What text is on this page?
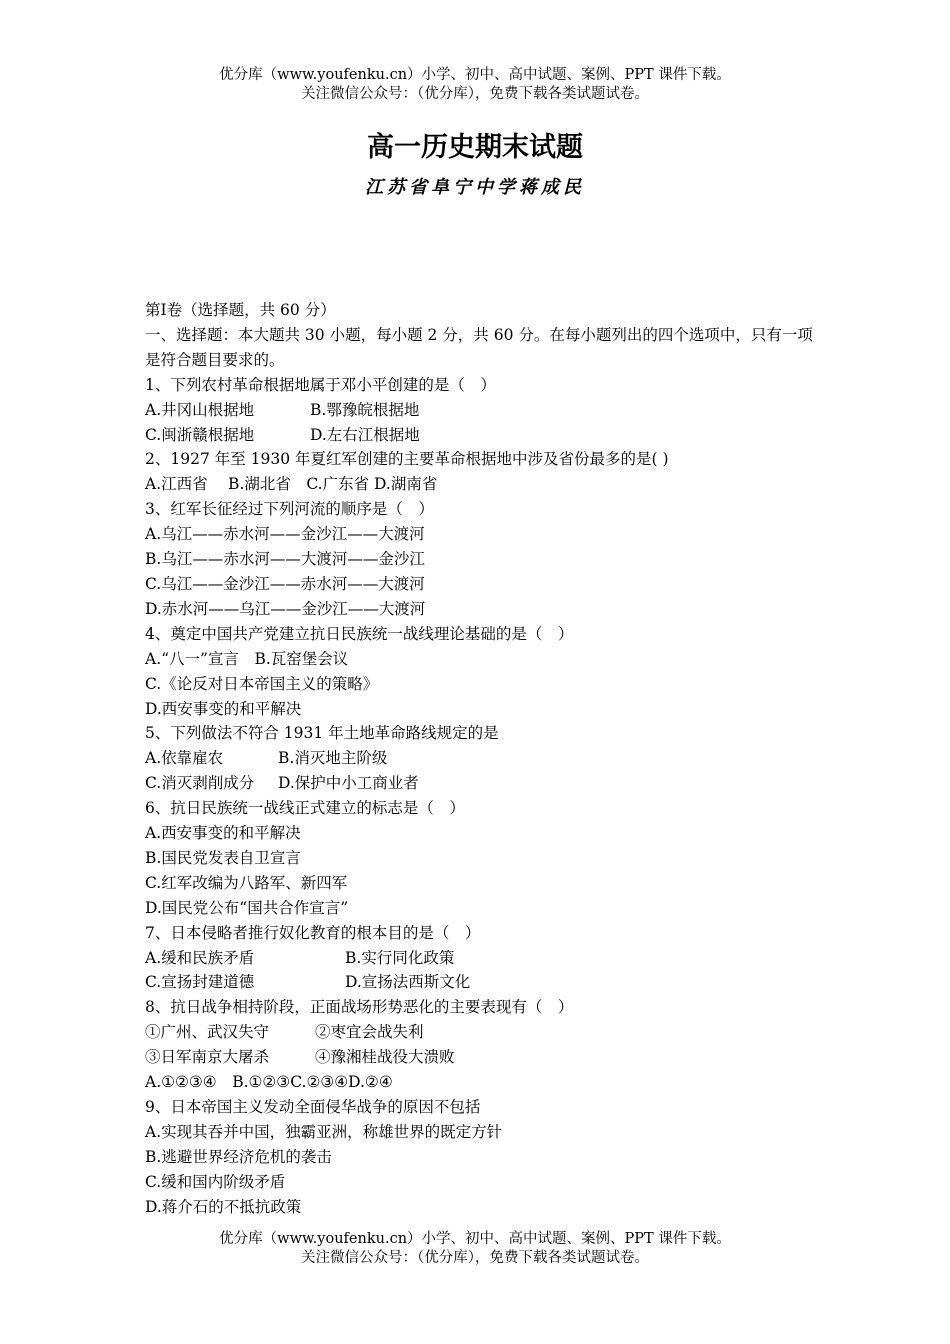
优分库（www.youfenku.cn）小学、初中、高中试题、案例、PPT 课件下载。
关注微信公众号：（优分库），免费下载各类试题试卷。
高一历史期末试题
江苏省阜宁中学蒋成民

第Ⅰ卷（选择题，共 60 分）

一、选择题：本大题共 30 小题，每小题 2 分，共 60 分。在每小题列出的四个选项中，只有一项是符合题目要求的。

1、下列农村革命根据地属于邓小平创建的是（　）

A.井冈山根据地	B.鄂豫皖根据地

C.闽浙赣根据地	D.左右江根据地

2、1927 年至 1930 年夏红军创建的主要革命根据地中涉及省份最多的是( )

A.江西省　 B.湖北省　C.广东省 D.湖南省

3、红军长征经过下列河流的顺序是（　）

A.乌江——赤水河——金沙江——大渡河

B.乌江——赤水河——大渡河——金沙江

C.乌江——金沙江——赤水河——大渡河

D.赤水河——乌江——金沙江——大渡河

4、奠定中国共产党建立抗日民族统一战线理论基础的是（　）

A.“八一”宣言　B.瓦窑堡会议

C.《论反对日本帝国主义的策略》

D.西安事变的和平解决

5、下列做法不符合 1931 年土地革命路线规定的是

A.依靠雇农	B.消灭地主阶级

C.消灭剥削成分 D.保护中小工商业者

6、抗日民族统一战线正式建立的标志是（　）

A.西安事变的和平解决

B.国民党发表自卫宣言

C.红军改编为八路军、新四军

D.国民党公布“国共合作宣言”

7、日本侵略者推行奴化教育的根本目的是（　）

A.缓和民族矛盾	B.实行同化政策

C.宣扬封建道德	D.宣扬法西斯文化

8、抗日战争相持阶段，正面战场形势恶化的主要表现有（　）

①广州、武汉失守	②枣宜会战失利

③日军南京大屠杀	④豫湘桂战役大溃败

A.①②③④　B.①②③C.②③④D.②④

9、日本帝国主义发动全面侵华战争的原因不包括

A.实现其吞并中国，独霸亚洲，称雄世界的既定方针

B.逃避世界经济危机的袭击

C.缓和国内阶级矛盾

D.蒋介石的不抵抗政策

优分库（www.youfenku.cn）小学、初中、高中试题、案例、PPT 课件下载。
关注微信公众号：（优分库），免费下载各类试题试卷。
